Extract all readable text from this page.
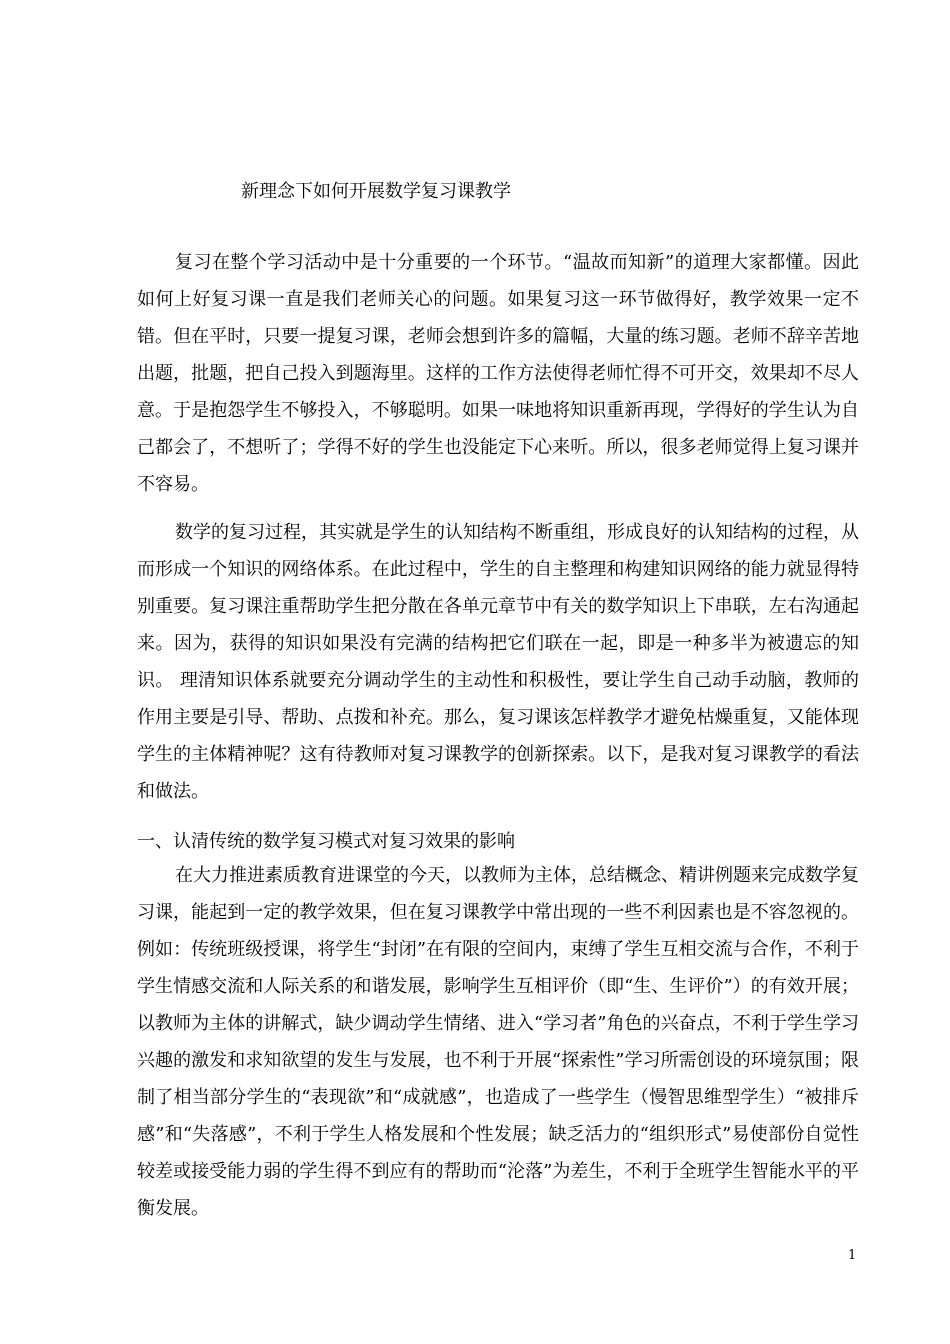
新理念下如何开展数学复习课教学

复习在整个学习活动中是十分重要的一个环节。“温故而知新”的道理大家都懂。因此如何上好复习课一直是我们老师关心的问题。如果复习这一环节做得好，教学效果一定不错。但在平时，只要一提复习课，老师会想到许多的篇幅，大量的练习题。老师不辞辛苦地出题，批题，把自己投入到题海里。这样的工作方法使得老师忙得不可开交，效果却不尽人意。于是抱怨学生不够投入，不够聪明。如果一味地将知识重新再现，学得好的学生认为自己都会了，不想听了；学得不好的学生也没能定下心来听。所以，很多老师觉得上复习课并不容易。

数学的复习过程，其实就是学生的认知结构不断重组，形成良好的认知结构的过程，从而形成一个知识的网络体系。在此过程中，学生的自主整理和构建知识网络的能力就显得特别重要。复习课注重帮助学生把分散在各单元章节中有关的数学知识上下串联，左右沟通起来。因为，获得的知识如果没有完满的结构把它们联在一起，即是一种多半为被遗忘的知识。 理清知识体系就要充分调动学生的主动性和积极性，要让学生自己动手动脑，教师的作用主要是引导、帮助、点拨和补充。那么，复习课该怎样教学才避免枯燥重复，又能体现学生的主体精神呢？这有待教师对复习课教学的创新探索。以下，是我对复习课教学的看法和做法。

一、认清传统的数学复习模式对复习效果的影响

在大力推进素质教育进课堂的今天，以教师为主体，总结概念、精讲例题来完成数学复习课，能起到一定的教学效果，但在复习课教学中常出现的一些不利因素也是不容忽视的。例如：传统班级授课，将学生“封闭”在有限的空间内，束缚了学生互相交流与合作，不利于学生情感交流和人际关系的和谐发展，影响学生互相评价（即“生、生评价”）的有效开展；以教师为主体的讲解式，缺少调动学生情绪、进入“学习者”角色的兴奋点，不利于学生学习兴趣的激发和求知欲望的发生与发展，也不利于开展“探索性”学习所需创设的环境氛围；限制了相当部分学生的“表现欲”和“成就感”，也造成了一些学生（慢智思维型学生）“被排斥感”和“失落感”，不利于学生人格发展和个性发展；缺乏活力的“组织形式”易使部份自觉性较差或接受能力弱的学生得不到应有的帮助而“沦落”为差生，不利于全班学生智能水平的平衡发展。

1
